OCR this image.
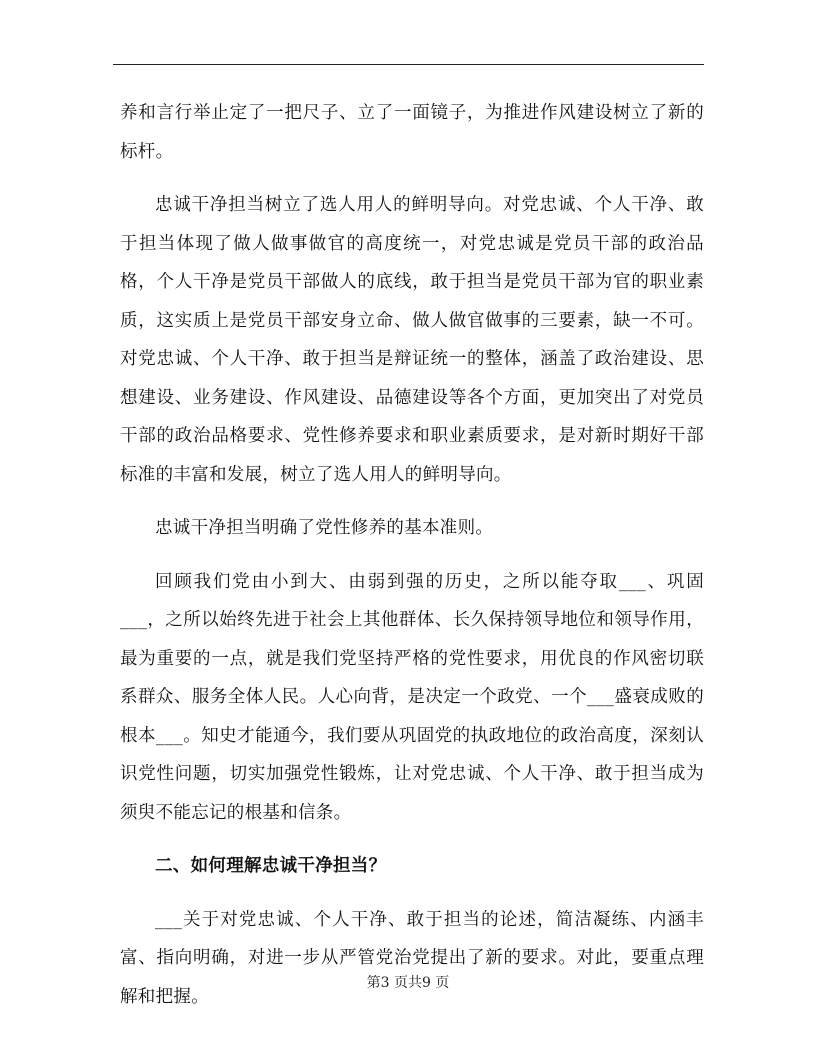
养和言行举止定了一把尺子、立了一面镜子，为推进作风建设树立了新的标杆。

忠诚干净担当树立了选人用人的鲜明导向。对党忠诚、个人干净、敢于担当体现了做人做事做官的高度统一，对党忠诚是党员干部的政治品格，个人干净是党员干部做人的底线，敢于担当是党员干部为官的职业素质，这实质上是党员干部安身立命、做人做官做事的三要素，缺一不可。对党忠诚、个人干净、敢于担当是辩证统一的整体，涵盖了政治建设、思想建设、业务建设、作风建设、品德建设等各个方面，更加突出了对党员干部的政治品格要求、党性修养要求和职业素质要求，是对新时期好干部标准的丰富和发展，树立了选人用人的鲜明导向。

忠诚干净担当明确了党性修养的基本准则。

回顾我们党由小到大、由弱到强的历史，之所以能夺取___、巩固___，之所以始终先进于社会上其他群体、长久保持领导地位和领导作用，最为重要的一点，就是我们党坚持严格的党性要求，用优良的作风密切联系群众、服务全体人民。人心向背，是决定一个政党、一个___盛衰成败的根本___。知史才能通今，我们要从巩固党的执政地位的政治高度，深刻认识党性问题，切实加强党性锻炼，让对党忠诚、个人干净、敢于担当成为须臾不能忘记的根基和信条。

二、如何理解忠诚干净担当？

___关于对党忠诚、个人干净、敢于担当的论述，简洁凝练、内涵丰富、指向明确，对进一步从严管党治党提出了新的要求。对此，要重点理解和把握。

第3 页共9 页
